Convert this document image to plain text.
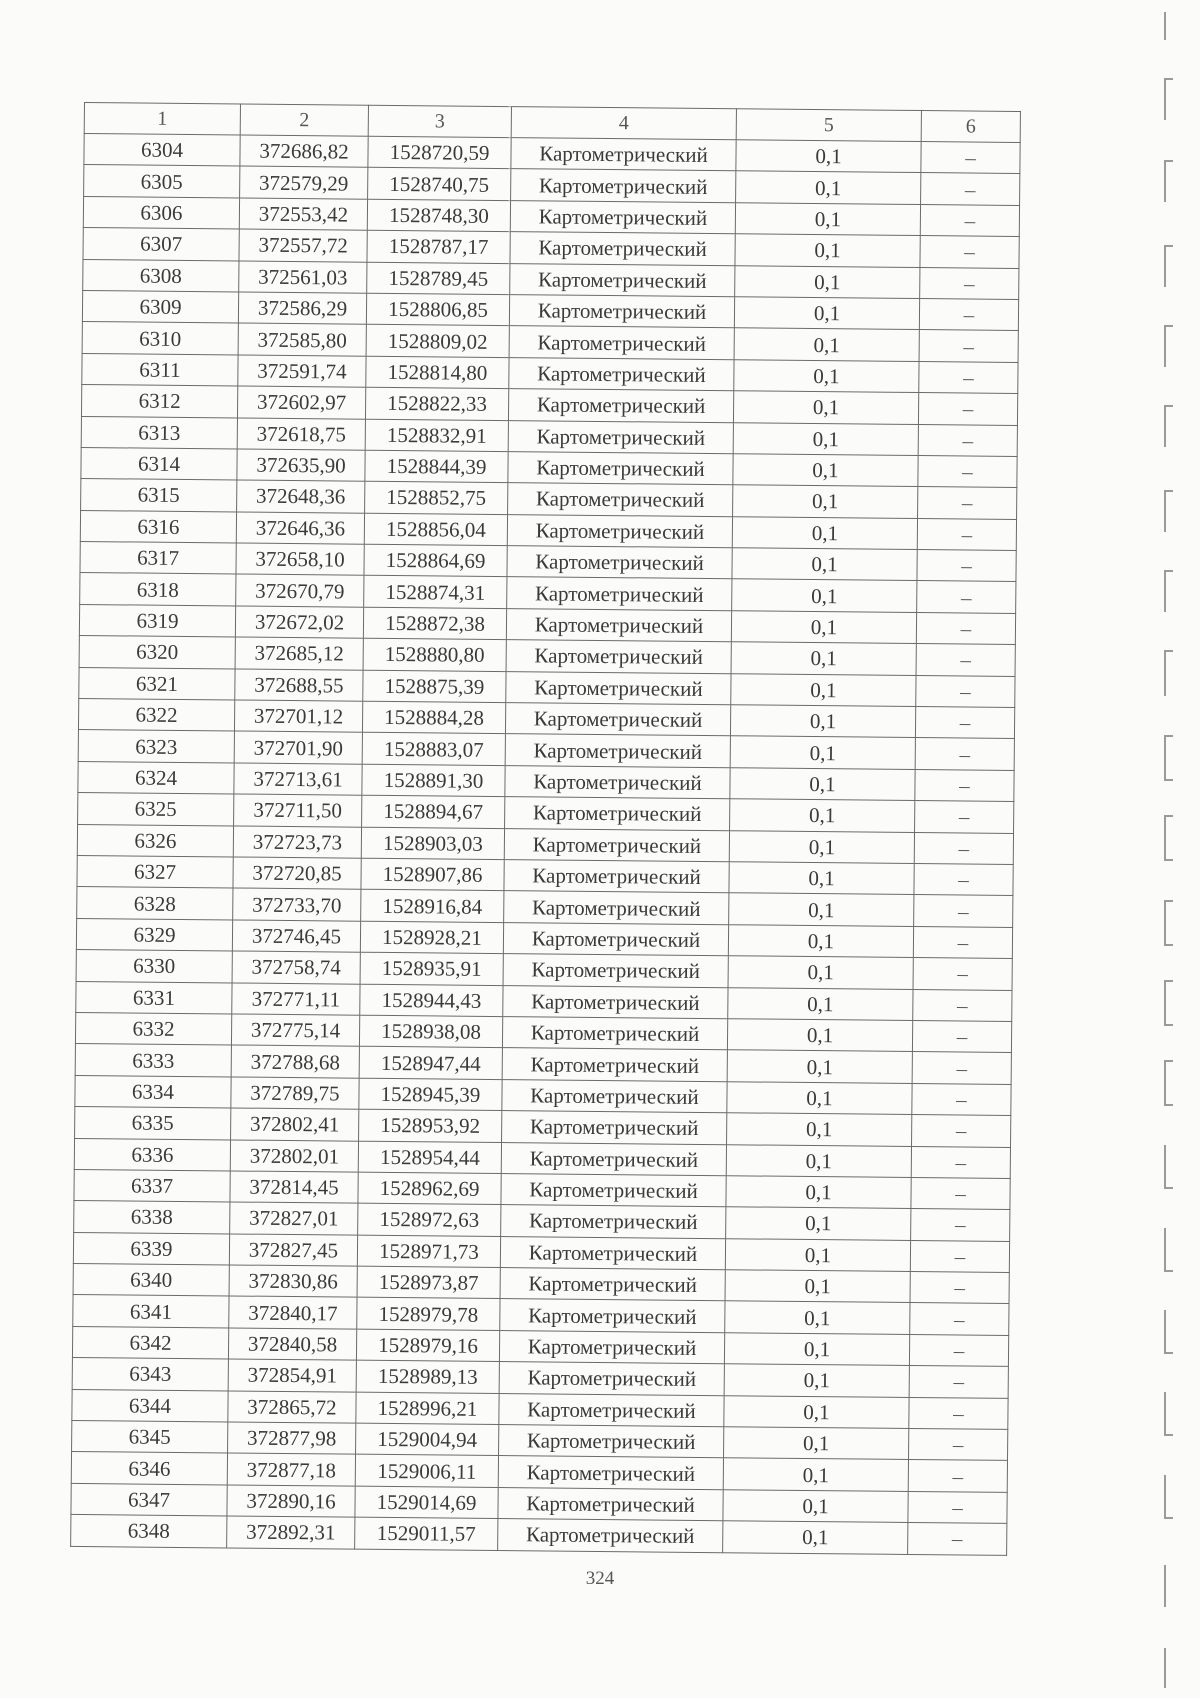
1	2	3	4	5	6
6304	372686,82	1528720,59	Картометрический	0,1	–
6305	372579,29	1528740,75	Картометрический	0,1	–
6306	372553,42	1528748,30	Картометрический	0,1	–
6307	372557,72	1528787,17	Картометрический	0,1	–
6308	372561,03	1528789,45	Картометрический	0,1	–
6309	372586,29	1528806,85	Картометрический	0,1	–
6310	372585,80	1528809,02	Картометрический	0,1	–
6311	372591,74	1528814,80	Картометрический	0,1	–
6312	372602,97	1528822,33	Картометрический	0,1	–
6313	372618,75	1528832,91	Картометрический	0,1	–
6314	372635,90	1528844,39	Картометрический	0,1	–
6315	372648,36	1528852,75	Картометрический	0,1	–
6316	372646,36	1528856,04	Картометрический	0,1	–
6317	372658,10	1528864,69	Картометрический	0,1	–
6318	372670,79	1528874,31	Картометрический	0,1	–
6319	372672,02	1528872,38	Картометрический	0,1	–
6320	372685,12	1528880,80	Картометрический	0,1	–
6321	372688,55	1528875,39	Картометрический	0,1	–
6322	372701,12	1528884,28	Картометрический	0,1	–
6323	372701,90	1528883,07	Картометрический	0,1	–
6324	372713,61	1528891,30	Картометрический	0,1	–
6325	372711,50	1528894,67	Картометрический	0,1	–
6326	372723,73	1528903,03	Картометрический	0,1	–
6327	372720,85	1528907,86	Картометрический	0,1	–
6328	372733,70	1528916,84	Картометрический	0,1	–
6329	372746,45	1528928,21	Картометрический	0,1	–
6330	372758,74	1528935,91	Картометрический	0,1	–
6331	372771,11	1528944,43	Картометрический	0,1	–
6332	372775,14	1528938,08	Картометрический	0,1	–
6333	372788,68	1528947,44	Картометрический	0,1	–
6334	372789,75	1528945,39	Картометрический	0,1	–
6335	372802,41	1528953,92	Картометрический	0,1	–
6336	372802,01	1528954,44	Картометрический	0,1	–
6337	372814,45	1528962,69	Картометрический	0,1	–
6338	372827,01	1528972,63	Картометрический	0,1	–
6339	372827,45	1528971,73	Картометрический	0,1	–
6340	372830,86	1528973,87	Картометрический	0,1	–
6341	372840,17	1528979,78	Картометрический	0,1	–
6342	372840,58	1528979,16	Картометрический	0,1	–
6343	372854,91	1528989,13	Картометрический	0,1	–
6344	372865,72	1528996,21	Картометрический	0,1	–
6345	372877,98	1529004,94	Картометрический	0,1	–
6346	372877,18	1529006,11	Картометрический	0,1	–
6347	372890,16	1529014,69	Картометрический	0,1	–
6348	372892,31	1529011,57	Картометрический	0,1	–
324
